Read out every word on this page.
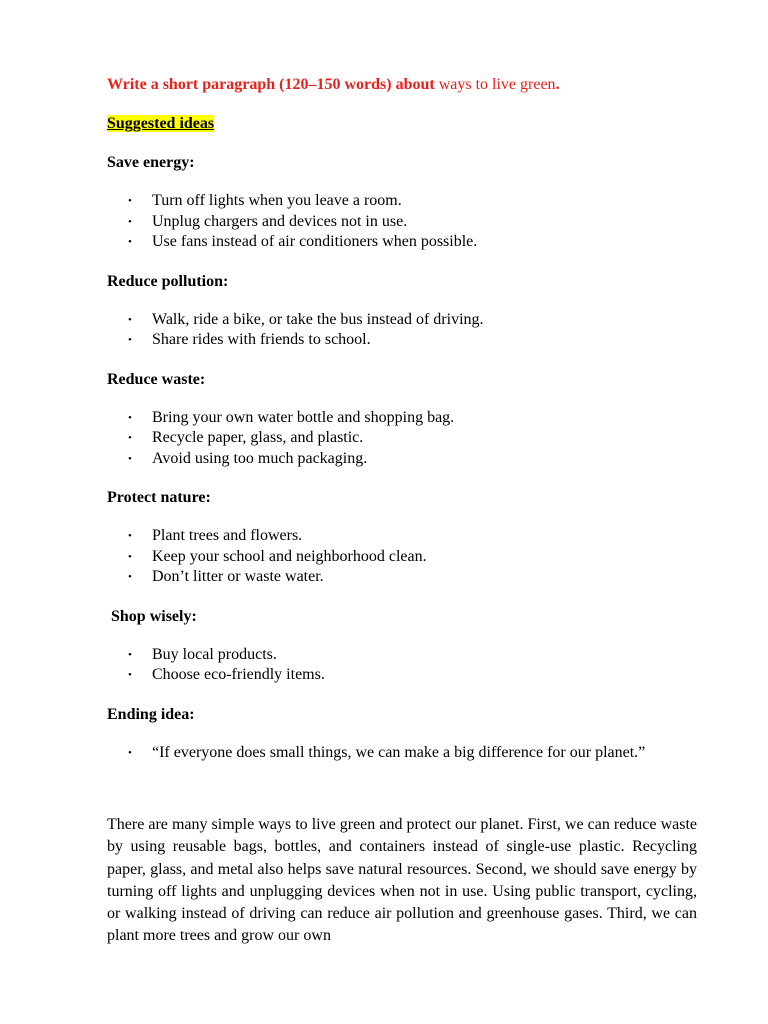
Write a short paragraph (120–150 words) about ways to live green.

Suggested ideas

Save energy:

• Turn off lights when you leave a room.
• Unplug chargers and devices not in use.
• Use fans instead of air conditioners when possible.

Reduce pollution:

• Walk, ride a bike, or take the bus instead of driving.
• Share rides with friends to school.

Reduce waste:

• Bring your own water bottle and shopping bag.
• Recycle paper, glass, and plastic.
• Avoid using too much packaging.

Protect nature:

• Plant trees and flowers.
• Keep your school and neighborhood clean.
• Don’t litter or waste water.

Shop wisely:

• Buy local products.
• Choose eco-friendly items.

Ending idea:

• “If everyone does small things, we can make a big difference for our planet.”

There are many simple ways to live green and protect our planet. First, we can reduce waste by using reusable bags, bottles, and containers instead of single-use plastic. Recycling paper, glass, and metal also helps save natural resources. Second, we should save energy by turning off lights and unplugging devices when not in use. Using public transport, cycling, or walking instead of driving can reduce air pollution and greenhouse gases. Third, we can plant more trees and grow our own
